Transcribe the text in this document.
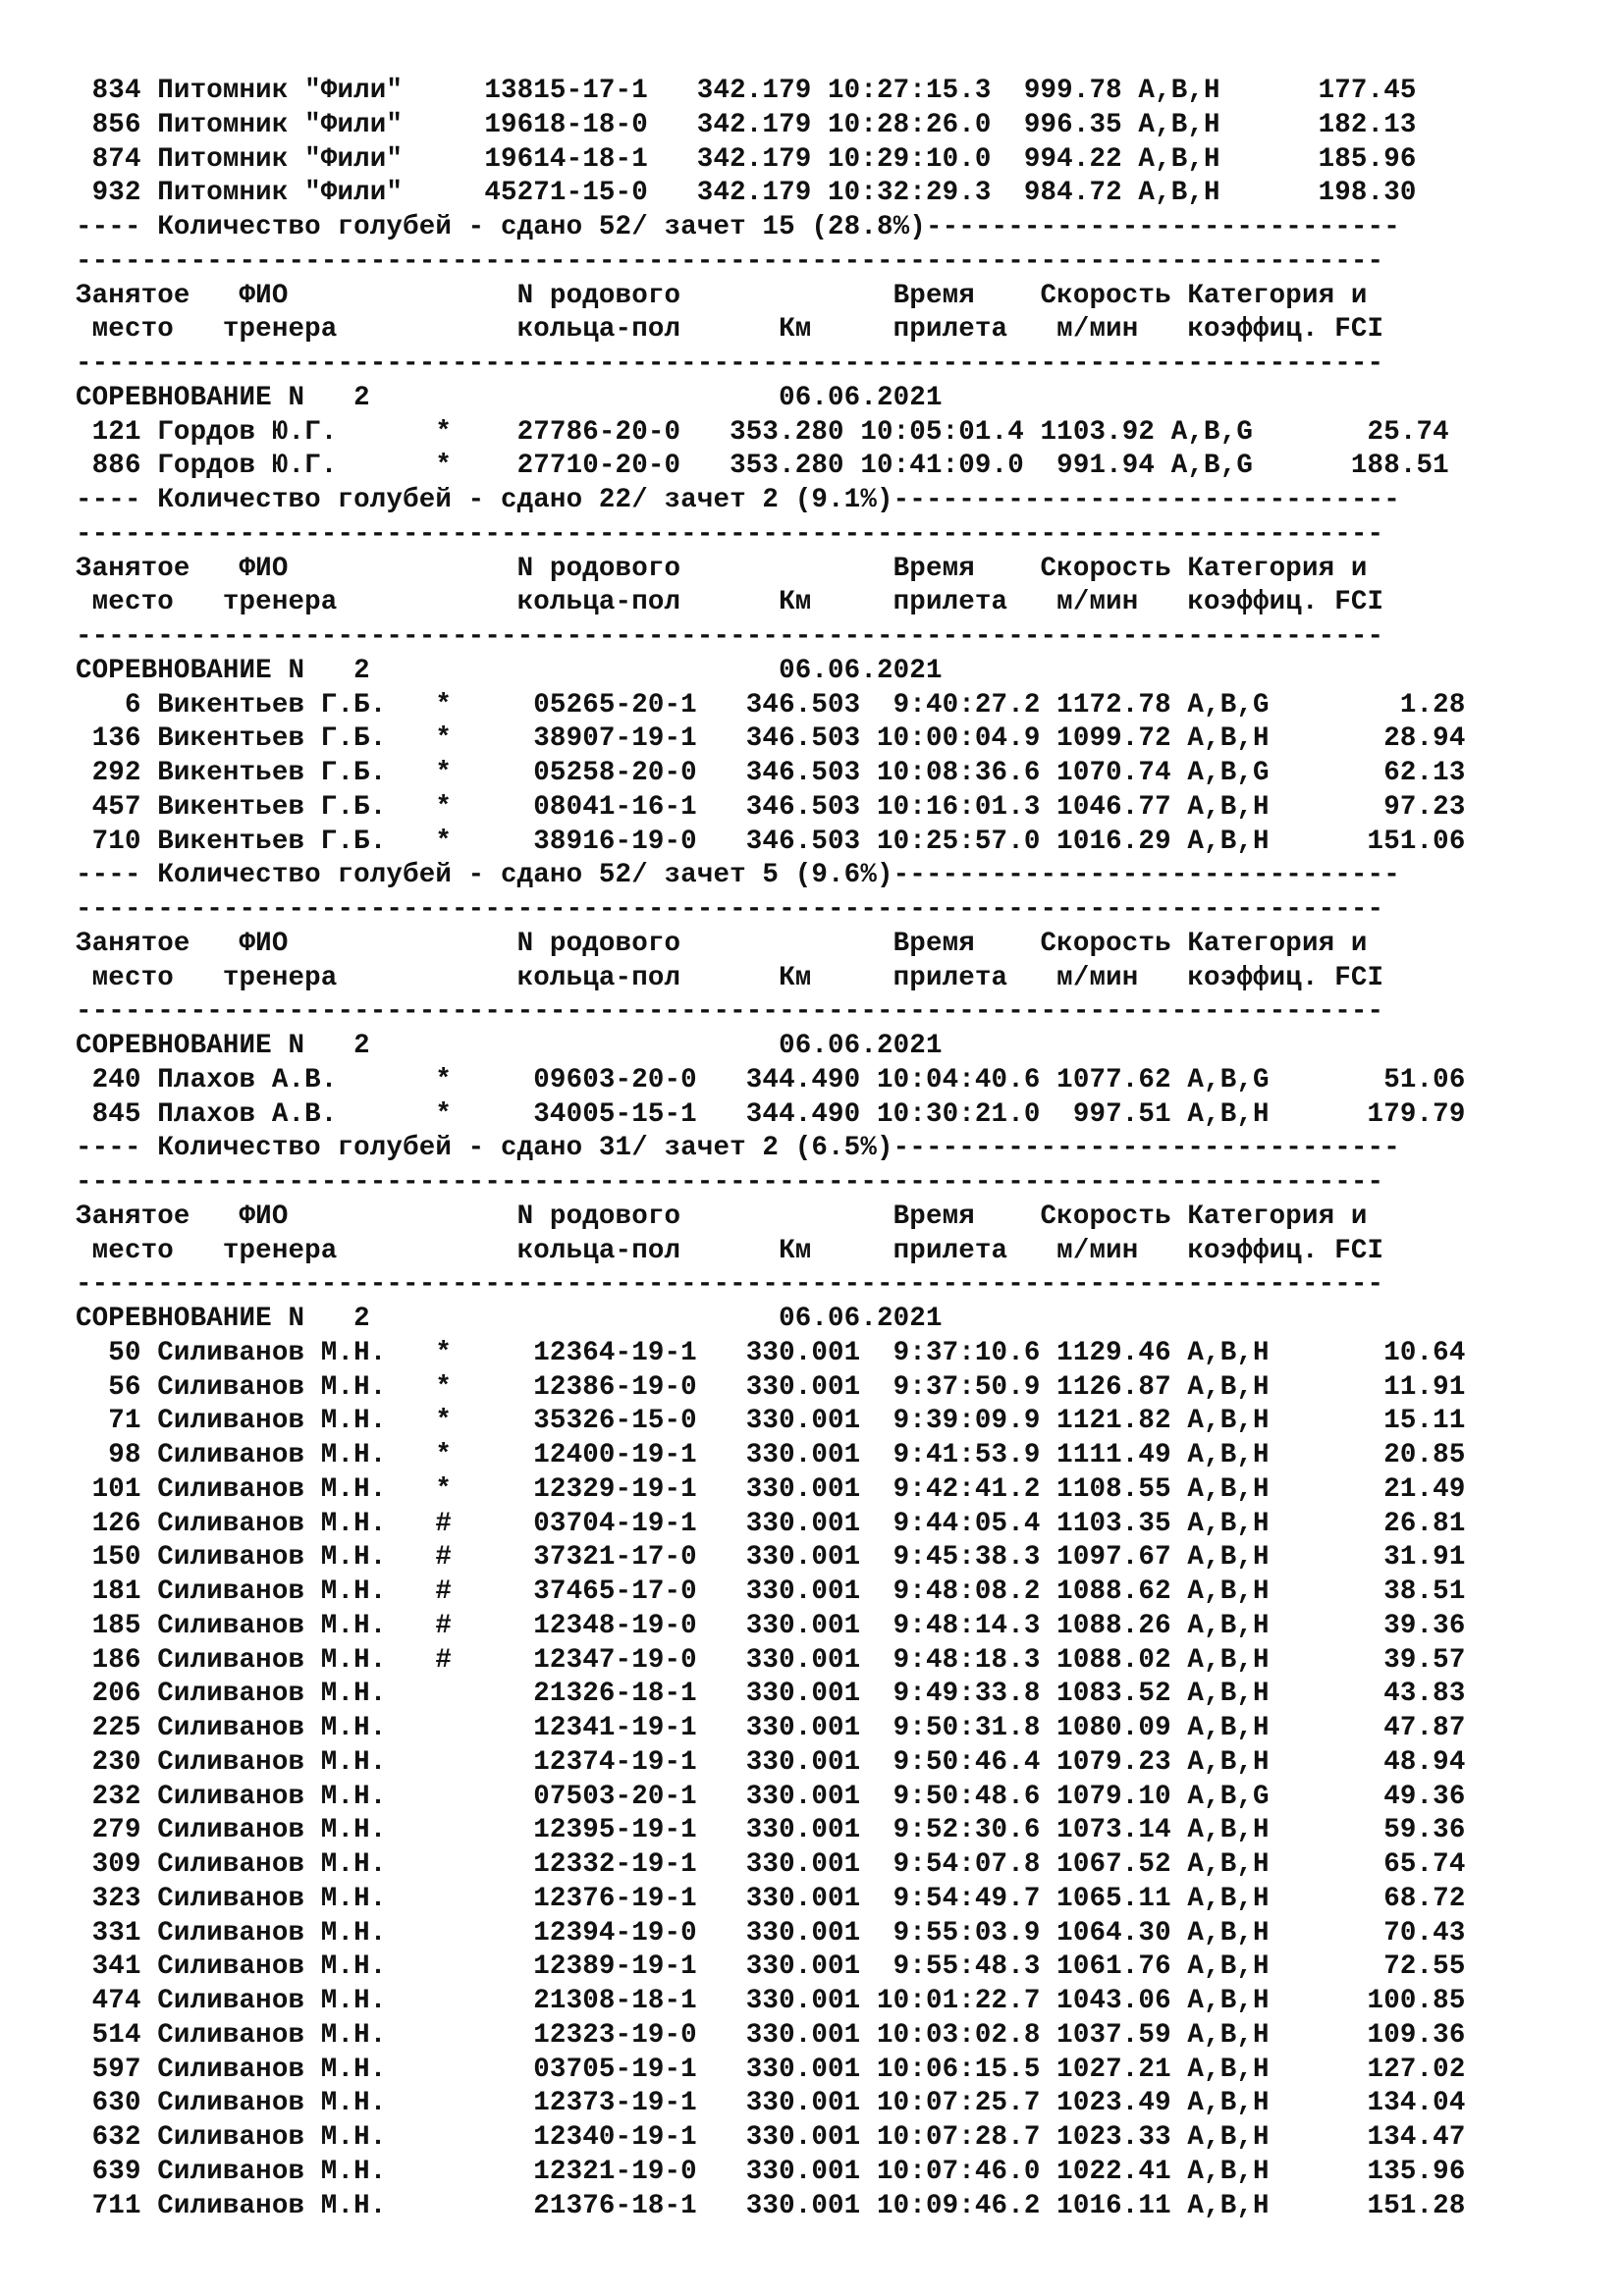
834 Питомник "Фили"     13815-17-1   342.179 10:27:15.3  999.78 A,B,H      177.45
856 Питомник "Фили"     19618-18-0   342.179 10:28:26.0  996.35 A,B,H      182.13
874 Питомник "Фили"     19614-18-1   342.179 10:29:10.0  994.22 A,B,H      185.96
932 Питомник "Фили"     45271-15-0   342.179 10:32:29.3  984.72 A,B,H      198.30
---- Количество голубей - сдано 52/ зачет 15 (28.8%)-----------------------------
--------------------------------------------------------------------------------
Занятое   ФИО              N родового             Время    Скорость Категория и
место   тренера           кольца-пол      Км     прилета   м/мин   коэффиц. FCI
--------------------------------------------------------------------------------
СОРЕВНОВАНИЕ N   2                         06.06.2021
121 Гордов Ю.Г.      *    27786-20-0   353.280 10:05:01.4 1103.92 A,B,G       25.74
886 Гордов Ю.Г.      *    27710-20-0   353.280 10:41:09.0  991.94 A,B,G      188.51
---- Количество голубей - сдано 22/ зачет 2 (9.1%)-------------------------------
--------------------------------------------------------------------------------
Занятое   ФИО              N родового             Время    Скорость Категория и
место   тренера           кольца-пол      Км     прилета   м/мин   коэффиц. FCI
--------------------------------------------------------------------------------
СОРЕВНОВАНИЕ N   2                         06.06.2021
6 Викентьев Г.Б.   *     05265-20-1   346.503  9:40:27.2 1172.78 A,B,G        1.28
136 Викентьев Г.Б.   *     38907-19-1   346.503 10:00:04.9 1099.72 A,B,H       28.94
292 Викентьев Г.Б.   *     05258-20-0   346.503 10:08:36.6 1070.74 A,B,G       62.13
457 Викентьев Г.Б.   *     08041-16-1   346.503 10:16:01.3 1046.77 A,B,H       97.23
710 Викентьев Г.Б.   *     38916-19-0   346.503 10:25:57.0 1016.29 A,B,H      151.06
---- Количество голубей - сдано 52/ зачет 5 (9.6%)-------------------------------
--------------------------------------------------------------------------------
Занятое   ФИО              N родового             Время    Скорость Категория и
место   тренера           кольца-пол      Км     прилета   м/мин   коэффиц. FCI
--------------------------------------------------------------------------------
СОРЕВНОВАНИЕ N   2                         06.06.2021
240 Плахов А.В.      *     09603-20-0   344.490 10:04:40.6 1077.62 A,B,G       51.06
845 Плахов А.В.      *     34005-15-1   344.490 10:30:21.0  997.51 A,B,H      179.79
---- Количество голубей - сдано 31/ зачет 2 (6.5%)-------------------------------
--------------------------------------------------------------------------------
Занятое   ФИО              N родового             Время    Скорость Категория и
место   тренера           кольца-пол      Км     прилета   м/мин   коэффиц. FCI
--------------------------------------------------------------------------------
СОРЕВНОВАНИЕ N   2                         06.06.2021
50 Силиванов М.Н.   *     12364-19-1   330.001  9:37:10.6 1129.46 A,B,H       10.64
56 Силиванов М.Н.   *     12386-19-0   330.001  9:37:50.9 1126.87 A,B,H       11.91
71 Силиванов М.Н.   *     35326-15-0   330.001  9:39:09.9 1121.82 A,B,H       15.11
98 Силиванов М.Н.   *     12400-19-1   330.001  9:41:53.9 1111.49 A,B,H       20.85
101 Силиванов М.Н.   *     12329-19-1   330.001  9:42:41.2 1108.55 A,B,H       21.49
126 Силиванов М.Н.   #     03704-19-1   330.001  9:44:05.4 1103.35 A,B,H       26.81
150 Силиванов М.Н.   #     37321-17-0   330.001  9:45:38.3 1097.67 A,B,H       31.91
181 Силиванов М.Н.   #     37465-17-0   330.001  9:48:08.2 1088.62 A,B,H       38.51
185 Силиванов М.Н.   #     12348-19-0   330.001  9:48:14.3 1088.26 A,B,H       39.36
186 Силиванов М.Н.   #     12347-19-0   330.001  9:48:18.3 1088.02 A,B,H       39.57
206 Силиванов М.Н.         21326-18-1   330.001  9:49:33.8 1083.52 A,B,H       43.83
225 Силиванов М.Н.         12341-19-1   330.001  9:50:31.8 1080.09 A,B,H       47.87
230 Силиванов М.Н.         12374-19-1   330.001  9:50:46.4 1079.23 A,B,H       48.94
232 Силиванов М.Н.         07503-20-1   330.001  9:50:48.6 1079.10 A,B,G       49.36
279 Силиванов М.Н.         12395-19-1   330.001  9:52:30.6 1073.14 A,B,H       59.36
309 Силиванов М.Н.         12332-19-1   330.001  9:54:07.8 1067.52 A,B,H       65.74
323 Силиванов М.Н.         12376-19-1   330.001  9:54:49.7 1065.11 A,B,H       68.72
331 Силиванов М.Н.         12394-19-0   330.001  9:55:03.9 1064.30 A,B,H       70.43
341 Силиванов М.Н.         12389-19-1   330.001  9:55:48.3 1061.76 A,B,H       72.55
474 Силиванов М.Н.         21308-18-1   330.001 10:01:22.7 1043.06 A,B,H      100.85
514 Силиванов М.Н.         12323-19-0   330.001 10:03:02.8 1037.59 A,B,H      109.36
597 Силиванов М.Н.         03705-19-1   330.001 10:06:15.5 1027.21 A,B,H      127.02
630 Силиванов М.Н.         12373-19-1   330.001 10:07:25.7 1023.49 A,B,H      134.04
632 Силиванов М.Н.         12340-19-1   330.001 10:07:28.7 1023.33 A,B,H      134.47
639 Силиванов М.Н.         12321-19-0   330.001 10:07:46.0 1022.41 A,B,H      135.96
711 Силиванов М.Н.         21376-18-1   330.001 10:09:46.2 1016.11 A,B,H      151.28
